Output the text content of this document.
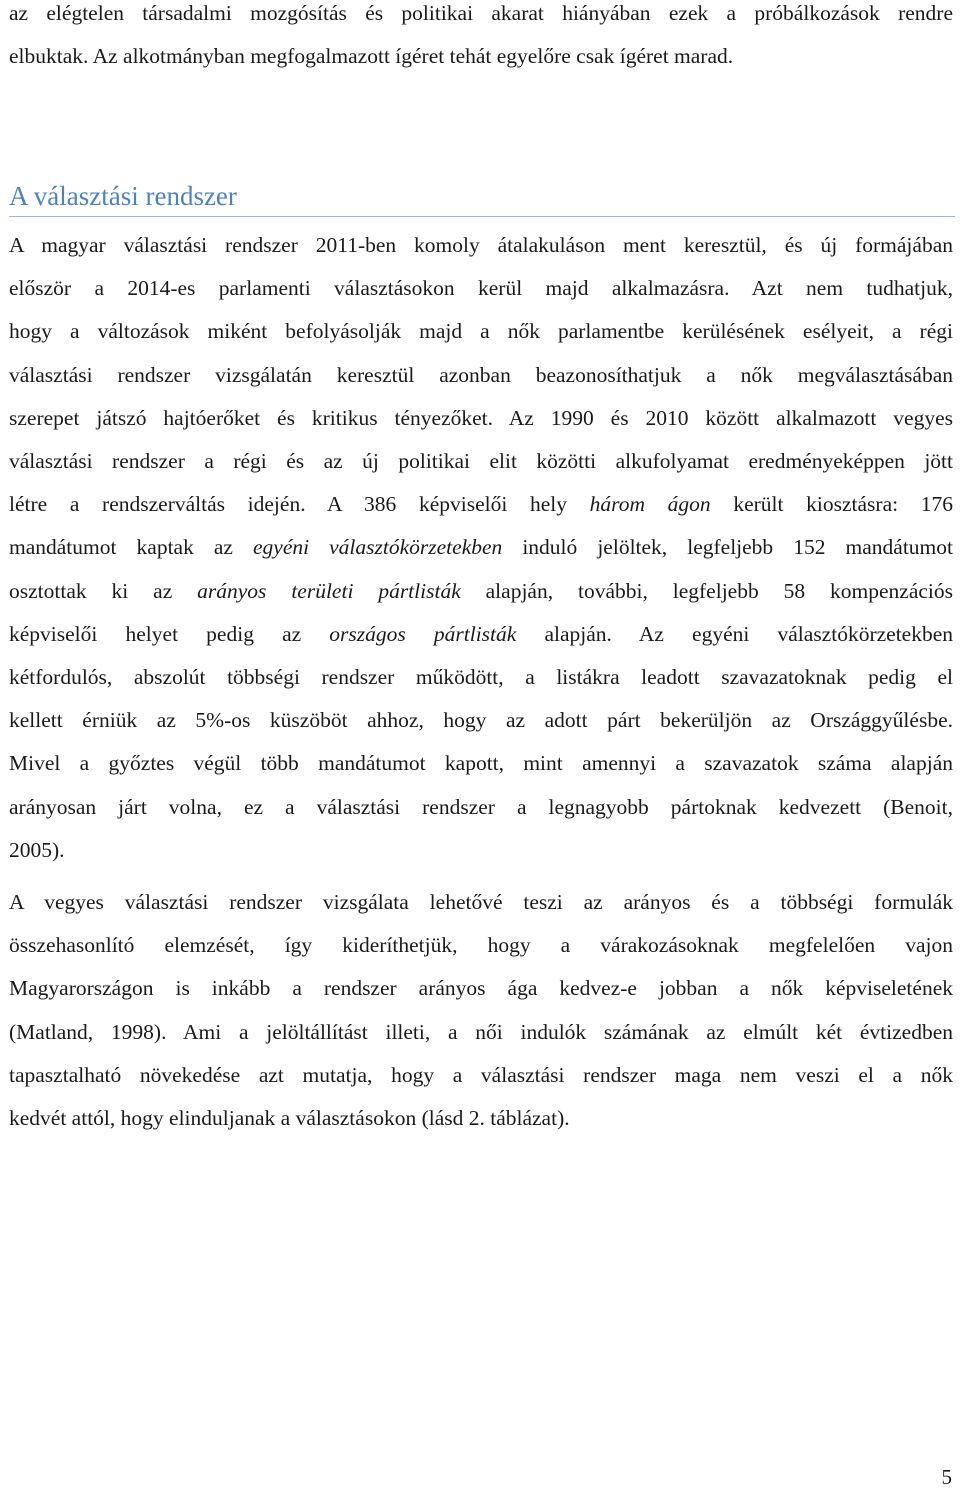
az elégtelen társadalmi mozgósítás és politikai akarat hiányában ezek a próbálkozások rendre
elbuktak. Az alkotmányban megfogalmazott ígéret tehát egyelőre csak ígéret marad.
A választási rendszer
A magyar választási rendszer 2011-ben komoly átalakuláson ment keresztül, és új formájában
először a 2014-es parlamenti választásokon kerül majd alkalmazásra. Azt nem tudhatjuk,
hogy a változások miként befolyásolják majd a nők parlamentbe kerülésének esélyeit, a régi
választási rendszer vizsgálatán keresztül azonban beazonosíthatjuk a nők megválasztásában
szerepet játszó hajtóerőket és kritikus tényezőket. Az 1990 és 2010 között alkalmazott vegyes
választási rendszer a régi és az új politikai elit közötti alkufolyamat eredményeképpen jött
létre a rendszerváltás idején. A 386 képviselői hely három ágon került kiosztásra: 176
mandátumot kaptak az egyéni választókörzetekben induló jelöltek, legfeljebb 152 mandátumot
osztottak ki az arányos területi pártlisták alapján, további, legfeljebb 58 kompenzációs
képviselői helyet pedig az országos pártlisták alapján. Az egyéni választókörzetekben
kétfordulós, abszolút többségi rendszer működött, a listákra leadott szavazatoknak pedig el
kellett érniük az 5%-os küszöböt ahhoz, hogy az adott párt bekerüljön az Országgyűlésbe.
Mivel a győztes végül több mandátumot kapott, mint amennyi a szavazatok száma alapján
arányosan járt volna, ez a választási rendszer a legnagyobb pártoknak kedvezett (Benoit,
2005).
A vegyes választási rendszer vizsgálata lehetővé teszi az arányos és a többségi formulák
összehasonlító elemzését, így kideríthetjük, hogy a várakozásoknak megfelelően vajon
Magyarországon is inkább a rendszer arányos ága kedvez-e jobban a nők képviseletének
(Matland, 1998). Ami a jelöltállítást illeti, a női indulók számának az elmúlt két évtizedben
tapasztalható növekedése azt mutatja, hogy a választási rendszer maga nem veszi el a nők
kedvét attól, hogy elinduljanak a választásokon (lásd 2. táblázat).
5
